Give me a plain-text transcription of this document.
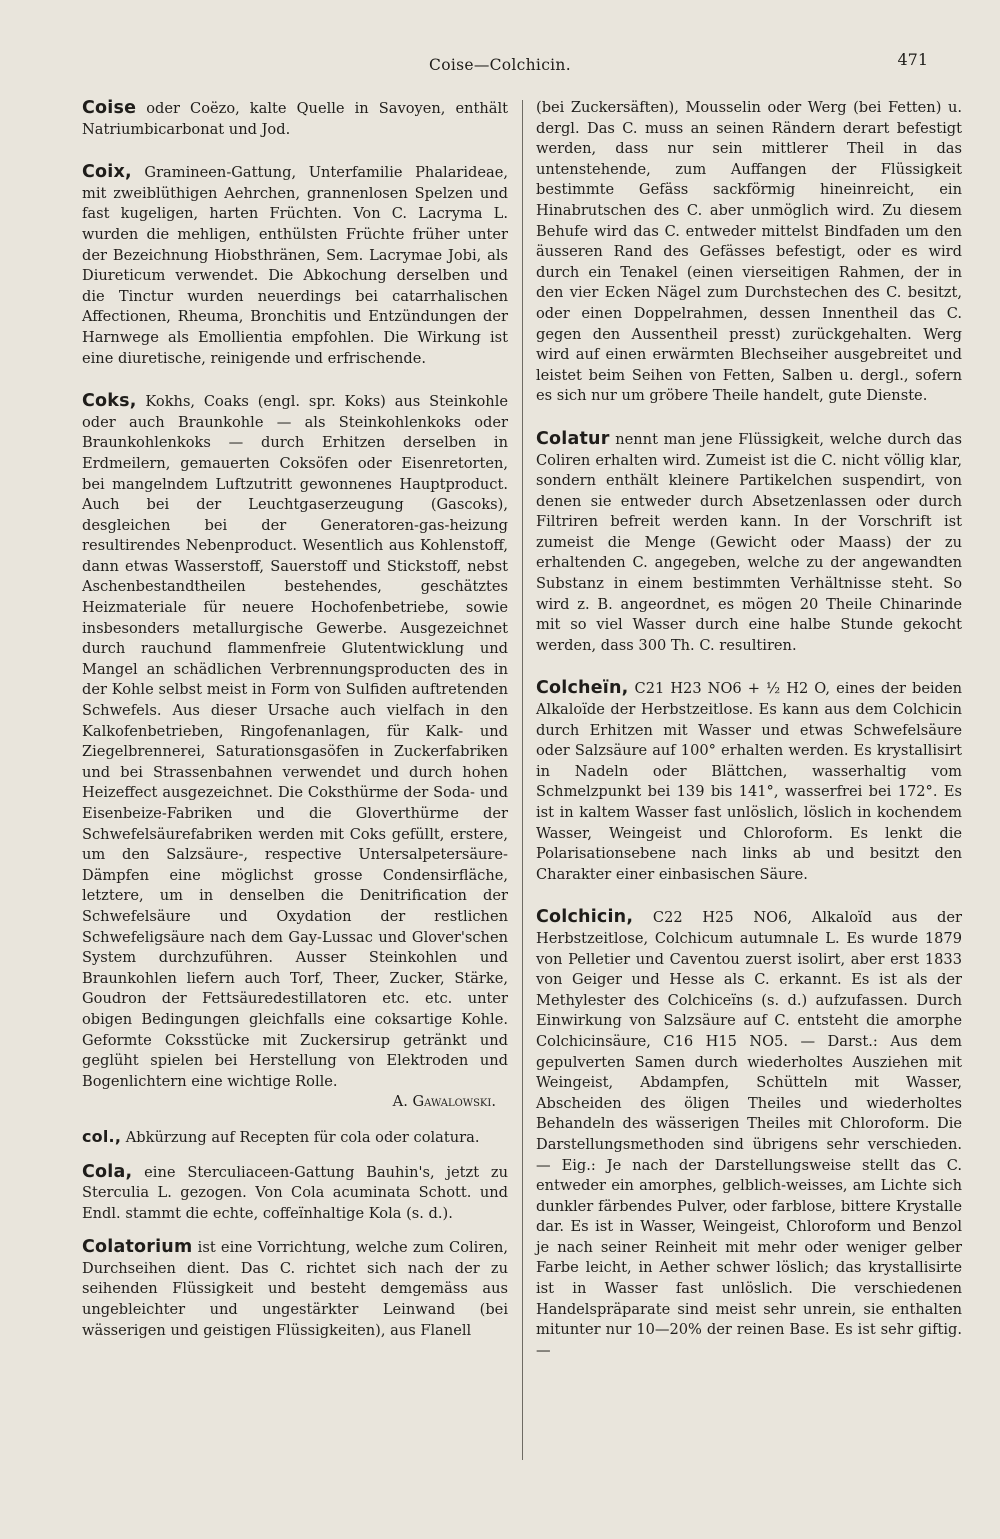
Coise—Colchicin.	471
Coise oder Coëzo, kalte Quelle in Savoyen, enthält Natriumbicarbonat und Jod.
Coix, Gramineen-Gattung, Unterfamilie Phalarideae, mit zweiblüthigen Aehrchen, grannenlosen Spelzen und fast kugeligen, harten Früchten. Von C. Lacryma L. wurden die mehligen, enthülsten Früchte früher unter der Bezeichnung Hiobsthränen, Sem. Lacrymae Jobi, als Diureticum verwendet. Die Abkochung derselben und die Tinctur wurden neuerdings bei catarrhalischen Affectionen, Rheuma, Bronchitis und Entzündungen der Harnwege als Emollientia empfohlen. Die Wirkung ist eine diuretische, reinigende und erfrischende.
Coks, Kokhs, Coaks (engl. spr. Koks) aus Steinkohle oder auch Braunkohle — als Steinkohlenkoks oder Braunkohlenkoks — durch Erhitzen derselben in Erdmeilern, gemauerten Coksöfen oder Eisenretorten, bei mangelndem Luftzutritt gewonnenes Hauptproduct. Auch bei der Leuchtgaserzeugung (Gascoks), desgleichen bei der Generatoren-gas-heizung resultirendes Nebenproduct. Wesentlich aus Kohlenstoff, dann etwas Wasserstoff, Sauerstoff und Stickstoff, nebst Aschenbestandtheilen bestehendes, geschätztes Heizmateriale für neuere Hochofenbetriebe, sowie insbesonders metallurgische Gewerbe. Ausgezeichnet durch rauchund flammenfreie Glutentwicklung und Mangel an schädlichen Verbrennungsproducten des in der Kohle selbst meist in Form von Sulfiden auftretenden Schwefels. Aus dieser Ursache auch vielfach in den Kalkofenbetrieben, Ringofenanlagen, für Kalk- und Ziegelbrennerei, Saturationsgasöfen in Zuckerfabriken und bei Strassenbahnen verwendet und durch hohen Heizeffect ausgezeichnet. Die Coksthürme der Soda- und Eisenbeize-Fabriken und die Gloverthürme der Schwefelsäurefabriken werden mit Coks gefüllt, erstere, um den Salzsäure-, respective Untersalpetersäure-Dämpfen eine möglichst grosse Condensirfläche, letztere, um in denselben die Denitrification der Schwefelsäure und Oxydation der restlichen Schwefeligsäure nach dem Gay-Lussac und Glover'schen System durchzuführen. Ausser Steinkohlen und Braunkohlen liefern auch Torf, Theer, Zucker, Stärke, Goudron der Fettsäuredestillatoren etc. etc. unter obigen Bedingungen gleichfalls eine coksartige Kohle. Geformte Coksstücke mit Zuckersirup getränkt und geglüht spielen bei Herstellung von Elektroden und Bogenlichtern eine wichtige Rolle.
A. Gawalowski.
col., Abkürzung auf Recepten für cola oder colatura.
Cola, eine Sterculiaceen-Gattung Bauhin's, jetzt zu Sterculia L. gezogen. Von Cola acuminata Schott. und Endl. stammt die echte, coffeïnhaltige Kola (s. d.).
Colatorium ist eine Vorrichtung, welche zum Coliren, Durchseihen dient. Das C. richtet sich nach der zu seihenden Flüssigkeit und besteht demgemäss aus ungebleichter und ungestärkter Leinwand (bei wässerigen und geistigen Flüssigkeiten), aus Flanell
(bei Zuckersäften), Mousselin oder Werg (bei Fetten) u. dergl. Das C. muss an seinen Rändern derart befestigt werden, dass nur sein mittlerer Theil in das untenstehende, zum Auffangen der Flüssigkeit bestimmte Gefäss sackförmig hineinreicht, ein Hinabrutschen des C. aber unmöglich wird. Zu diesem Behufe wird das C. entweder mittelst Bindfaden um den äusseren Rand des Gefässes befestigt, oder es wird durch ein Tenakel (einen vierseitigen Rahmen, der in den vier Ecken Nägel zum Durchstechen des C. besitzt, oder einen Doppelrahmen, dessen Innentheil das C. gegen den Aussentheil presst) zurückgehalten. Werg wird auf einen erwärmten Blechseiher ausgebreitet und leistet beim Seihen von Fetten, Salben u. dergl., sofern es sich nur um gröbere Theile handelt, gute Dienste.
Colatur nennt man jene Flüssigkeit, welche durch das Coliren erhalten wird. Zumeist ist die C. nicht völlig klar, sondern enthält kleinere Partikelchen suspendirt, von denen sie entweder durch Absetzenlassen oder durch Filtriren befreit werden kann. In der Vorschrift ist zumeist die Menge (Gewicht oder Maass) der zu erhaltenden C. angegeben, welche zu der angewandten Substanz in einem bestimmten Verhältnisse steht. So wird z. B. angeordnet, es mögen 20 Theile Chinarinde mit so viel Wasser durch eine halbe Stunde gekocht werden, dass 300 Th. C. resultiren.
Colcheïn, C21 H23 NO6 + ½ H2 O, eines der beiden Alkaloïde der Herbstzeitlose. Es kann aus dem Colchicin durch Erhitzen mit Wasser und etwas Schwefelsäure oder Salzsäure auf 100° erhalten werden. Es krystallisirt in Nadeln oder Blättchen, wasserhaltig vom Schmelzpunkt bei 139 bis 141°, wasserfrei bei 172°. Es ist in kaltem Wasser fast unlöslich, löslich in kochendem Wasser, Weingeist und Chloroform. Es lenkt die Polarisationsebene nach links ab und besitzt den Charakter einer einbasischen Säure.
Colchicin, C22 H25 NO6, Alkaloïd aus der Herbstzeitlose, Colchicum autumnale L. Es wurde 1879 von Pelletier und Caventou zuerst isolirt, aber erst 1833 von Geiger und Hesse als C. erkannt. Es ist als der Methylester des Colchiceïns (s. d.) aufzufassen. Durch Einwirkung von Salzsäure auf C. entsteht die amorphe Colchicinsäure, C16 H15 NO5. — Darst.: Aus dem gepulverten Samen durch wiederholtes Ausziehen mit Weingeist, Abdampfen, Schütteln mit Wasser, Abscheiden des öligen Theiles und wiederholtes Behandeln des wässerigen Theiles mit Chloroform. Die Darstellungsmethoden sind übrigens sehr verschieden. — Eig.: Je nach der Darstellungsweise stellt das C. entweder ein amorphes, gelblich-weisses, am Lichte sich dunkler färbendes Pulver, oder farblose, bittere Krystalle dar. Es ist in Wasser, Weingeist, Chloroform und Benzol je nach seiner Reinheit mit mehr oder weniger gelber Farbe leicht, in Aether schwer löslich; das krystallisirte ist in Wasser fast unlöslich. Die verschiedenen Handelspräparate sind meist sehr unrein, sie enthalten mitunter nur 10—20% der reinen Base. Es ist sehr giftig. —
